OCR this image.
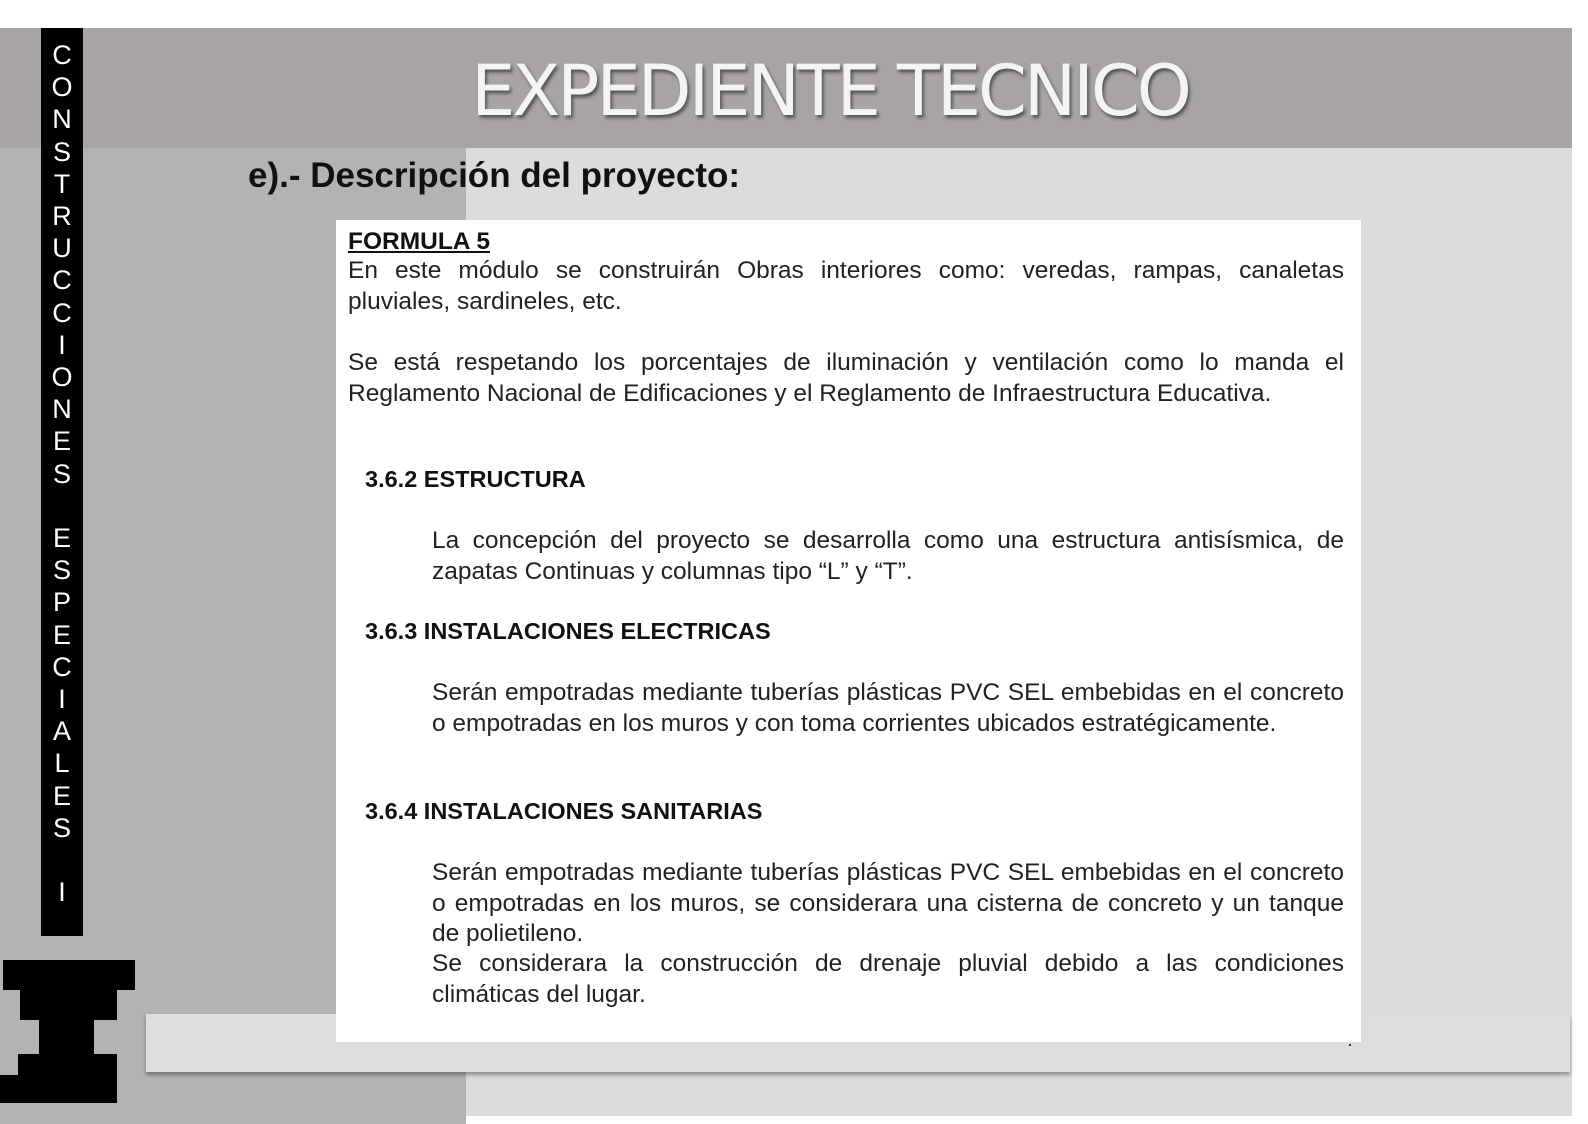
EXPEDIENTE TECNICO
C
O
N
S
T
R
U
C
C
I
O
N
E
S

E
S
P
E
C
I
A
L
E
S

I
e).- Descripción del proyecto:
FORMULA 5

En este módulo se construirán Obras interiores como: veredas, rampas, canaletas pluviales, sardineles, etc.

Se está respetando los porcentajes de iluminación y ventilación como lo manda el Reglamento Nacional de Edificaciones y el Reglamento de Infraestructura Educativa.

3.6.2 ESTRUCTURA

La concepción del proyecto se desarrolla como una estructura antisísmica, de zapatas Continuas y columnas tipo “L” y “T”.

3.6.3 INSTALACIONES ELECTRICAS

Serán empotradas mediante tuberías plásticas PVC SEL embebidas en el concreto o empotradas en los muros y con toma corrientes ubicados estratégicamente.

3.6.4 INSTALACIONES SANITARIAS

Serán empotradas mediante tuberías plásticas PVC SEL embebidas en el concreto o empotradas en los muros, se considerara una cisterna de concreto y un tanque de polietileno.

Se considerara la construcción de drenaje pluvial debido a las condiciones climáticas del lugar.
